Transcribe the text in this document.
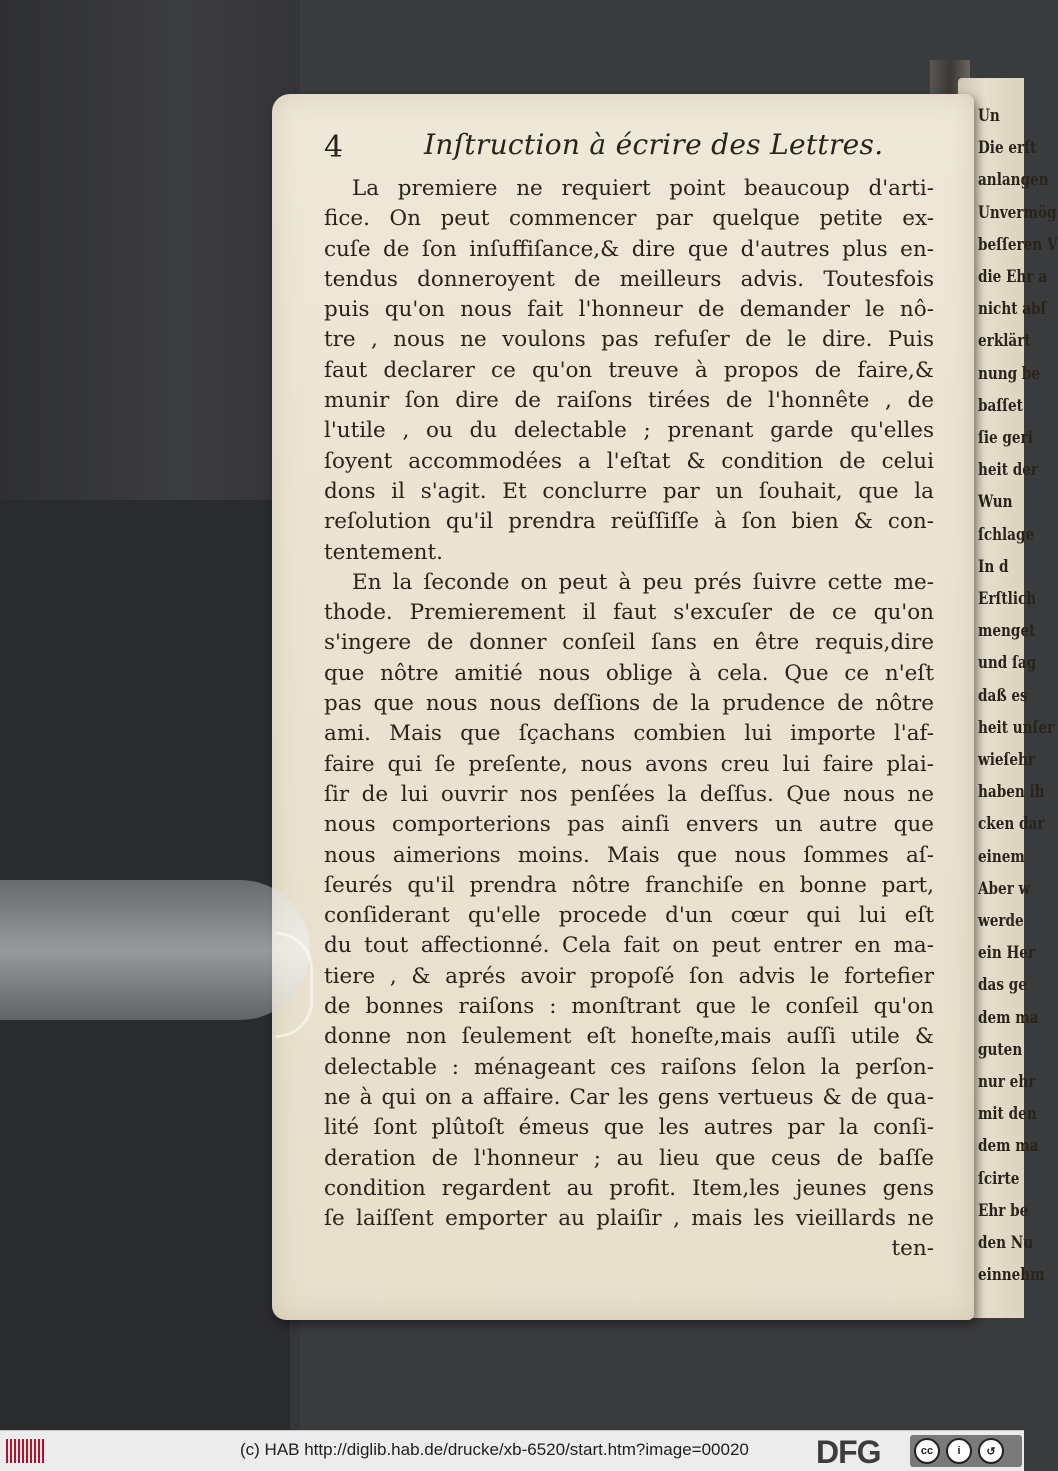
Un
Die erſt
anlangen
Unvermög
beſſeren V
die Ehr a
nicht abſ
erklärt
nung be
baſſet
ſie geri
heit der
Wun
ſchlage
In d
Erſtlich
menget
und ſag
daß es
heit unſer
wieſehr
haben ih
cken dar
einem
Aber w
werde
ein Her
das ge
dem ma
guten
nur ehr
mit den
dem ma
ſcirte
Ehr be
den Nu
einnehm
4	Inſtruction à écrire des Lettres.
La premiere ne requiert point beaucoup d'arti-
fice. On peut commencer par quelque petite ex-
cuſe de ſon inſuffiſance,& dire que d'autres plus en-
tendus donneroyent de meilleurs advis. Toutesfois
puis qu'on nous fait l'honneur de demander le nô-
tre , nous ne voulons pas refuſer de le dire. Puis
faut declarer ce qu'on treuve à propos de faire,&
munir ſon dire de raiſons tirées de l'honnête , de
l'utile , ou du delectable ; prenant garde qu'elles
ſoyent accommodées a l'eſtat & condition de celui
dons il s'agit. Et conclurre par un ſouhait, que la
reſolution qu'il prendra reüſſiſſe à ſon bien & con-
tentement.
En la ſeconde on peut à peu prés ſuivre cette me-
thode. Premierement il faut s'excuſer de ce qu'on
s'ingere de donner conſeil ſans en être requis,dire
que nôtre amitié nous oblige à cela. Que ce n'eſt
pas que nous nous deſſions de la prudence de nôtre
ami. Mais que ſçachans combien lui importe l'af-
faire qui ſe preſente, nous avons creu lui faire plai-
ſir de lui ouvrir nos penſées la deſſus. Que nous ne
nous comporterions pas ainſi envers un autre que
nous aimerions moins. Mais que nous ſommes aſ-
ſeurés qu'il prendra nôtre franchiſe en bonne part,
conſiderant qu'elle procede d'un cœur qui lui eſt
du tout affectionné. Cela fait on peut entrer en ma-
tiere , & aprés avoir propoſé ſon advis le fortefier
de bonnes raiſons : monſtrant que le conſeil qu'on
donne non ſeulement eſt honeſte,mais auſſi utile &
delectable : ménageant ces raiſons ſelon la perſon-
ne à qui on a affaire. Car les gens vertueus & de qua-
lité ſont plûtoſt émeus que les autres par la conſi-
deration de l'honneur ; au lieu que ceus de baſſe
condition regardent au profit. Item,les jeunes gens
ſe laiſſent emporter au plaiſir , mais les vieillards ne
ten-
(c) HAB http://diglib.hab.de/drucke/xb-6520/start.htm?image=00020 DFG	cc	i	↺
